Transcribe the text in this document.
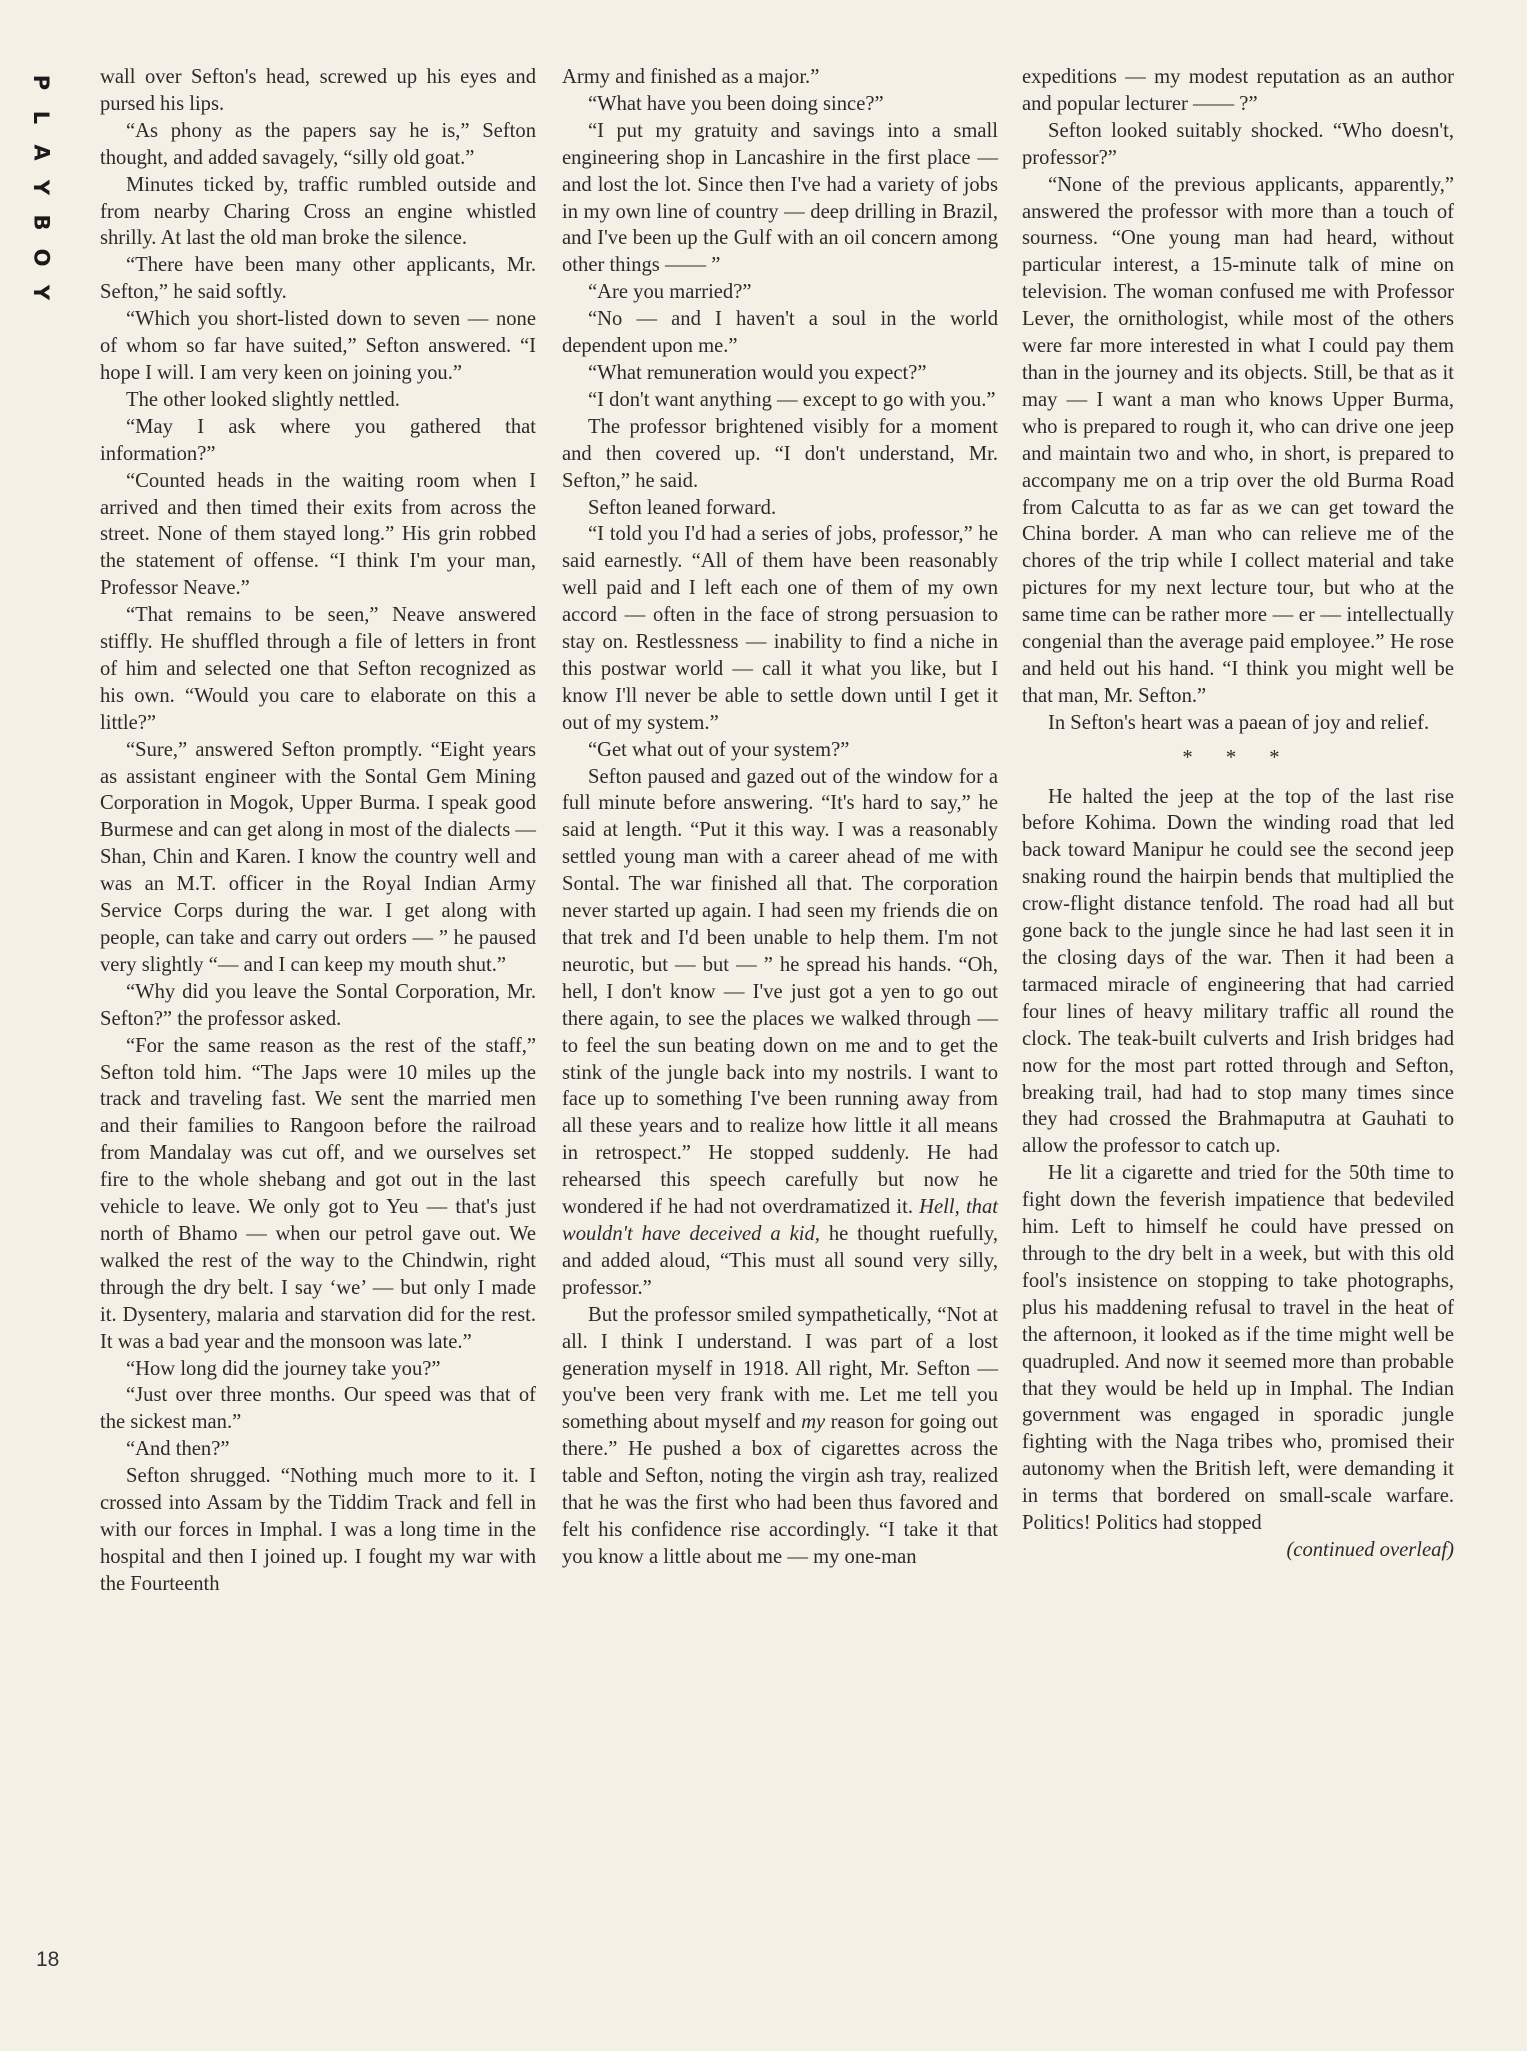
P
L
A
Y
B
O
Y
18

wall over Sefton's head, screwed up his eyes and pursed his lips.

“As phony as the papers say he is,” Sefton thought, and added savagely, “silly old goat.”

Minutes ticked by, traffic rumbled outside and from nearby Charing Cross an engine whistled shrilly. At last the old man broke the silence.

“There have been many other applicants, Mr. Sefton,” he said softly.

“Which you short-listed down to seven — none of whom so far have suited,” Sefton answered. “I hope I will. I am very keen on joining you.”

The other looked slightly nettled.

“May I ask where you gathered that information?”

“Counted heads in the waiting room when I arrived and then timed their exits from across the street. None of them stayed long.” His grin robbed the statement of offense. “I think I'm your man, Professor Neave.”

“That remains to be seen,” Neave answered stiffly. He shuffled through a file of letters in front of him and selected one that Sefton recognized as his own. “Would you care to elaborate on this a little?”

“Sure,” answered Sefton promptly. “Eight years as assistant engineer with the Sontal Gem Mining Corporation in Mogok, Upper Burma. I speak good Burmese and can get along in most of the dialects — Shan, Chin and Karen. I know the country well and was an M.T. officer in the Royal Indian Army Service Corps during the war. I get along with people, can take and carry out orders — ” he paused very slightly “— and I can keep my mouth shut.”

“Why did you leave the Sontal Corporation, Mr. Sefton?” the professor asked.

“For the same reason as the rest of the staff,” Sefton told him. “The Japs were 10 miles up the track and traveling fast. We sent the married men and their families to Rangoon before the railroad from Mandalay was cut off, and we ourselves set fire to the whole shebang and got out in the last vehicle to leave. We only got to Yeu — that's just north of Bhamo — when our petrol gave out. We walked the rest of the way to the Chindwin, right through the dry belt. I say ‘we’ — but only I made it. Dysentery, malaria and starvation did for the rest. It was a bad year and the monsoon was late.”

“How long did the journey take you?”

“Just over three months. Our speed was that of the sickest man.”

“And then?”

Sefton shrugged. “Nothing much more to it. I crossed into Assam by the Tiddim Track and fell in with our forces in Imphal. I was a long time in the hospital and then I joined up. I fought my war with the Fourteenth

Army and finished as a major.”

“What have you been doing since?”

“I put my gratuity and savings into a small engineering shop in Lancashire in the first place — and lost the lot. Since then I've had a variety of jobs in my own line of country — deep drilling in Brazil, and I've been up the Gulf with an oil concern among other things —— ”

“Are you married?”

“No — and I haven't a soul in the world dependent upon me.”

“What remuneration would you expect?”

“I don't want anything — except to go with you.”

The professor brightened visibly for a moment and then covered up. “I don't understand, Mr. Sefton,” he said.

Sefton leaned forward.

“I told you I'd had a series of jobs, professor,” he said earnestly. “All of them have been reasonably well paid and I left each one of them of my own accord — often in the face of strong persuasion to stay on. Restlessness — inability to find a niche in this postwar world — call it what you like, but I know I'll never be able to settle down until I get it out of my system.”

“Get what out of your system?”

Sefton paused and gazed out of the window for a full minute before answering. “It's hard to say,” he said at length. “Put it this way. I was a reasonably settled young man with a career ahead of me with Sontal. The war finished all that. The corporation never started up again. I had seen my friends die on that trek and I'd been unable to help them. I'm not neurotic, but — but — ” he spread his hands. “Oh, hell, I don't know — I've just got a yen to go out there again, to see the places we walked through — to feel the sun beating down on me and to get the stink of the jungle back into my nostrils. I want to face up to something I've been running away from all these years and to realize how little it all means in retrospect.” He stopped suddenly. He had rehearsed this speech carefully but now he wondered if he had not overdramatized it. Hell, that wouldn't have deceived a kid, he thought ruefully, and added aloud, “This must all sound very silly, professor.”

But the professor smiled sympathetically, “Not at all. I think I understand. I was part of a lost generation myself in 1918. All right, Mr. Sefton — you've been very frank with me. Let me tell you something about myself and my reason for going out there.” He pushed a box of cigarettes across the table and Sefton, noting the virgin ash tray, realized that he was the first who had been thus favored and felt his confidence rise accordingly. “I take it that you know a little about me — my one-man

expeditions — my modest reputation as an author and popular lecturer —— ?”

Sefton looked suitably shocked. “Who doesn't, professor?”

“None of the previous applicants, apparently,” answered the professor with more than a touch of sourness. “One young man had heard, without particular interest, a 15-minute talk of mine on television. The woman confused me with Professor Lever, the ornithologist, while most of the others were far more interested in what I could pay them than in the journey and its objects. Still, be that as it may — I want a man who knows Upper Burma, who is prepared to rough it, who can drive one jeep and maintain two and who, in short, is prepared to accompany me on a trip over the old Burma Road from Calcutta to as far as we can get toward the China border. A man who can relieve me of the chores of the trip while I collect material and take pictures for my next lecture tour, but who at the same time can be rather more — er — intellectually congenial than the average paid employee.” He rose and held out his hand. “I think you might well be that man, Mr. Sefton.”

In Sefton's heart was a paean of joy and relief.

* * *

He halted the jeep at the top of the last rise before Kohima. Down the winding road that led back toward Manipur he could see the second jeep snaking round the hairpin bends that multiplied the crow-flight distance tenfold. The road had all but gone back to the jungle since he had last seen it in the closing days of the war. Then it had been a tarmaced miracle of engineering that had carried four lines of heavy military traffic all round the clock. The teak-built culverts and Irish bridges had now for the most part rotted through and Sefton, breaking trail, had had to stop many times since they had crossed the Brahmaputra at Gauhati to allow the professor to catch up.

He lit a cigarette and tried for the 50th time to fight down the feverish impatience that bedeviled him. Left to himself he could have pressed on through to the dry belt in a week, but with this old fool's insistence on stopping to take photographs, plus his maddening refusal to travel in the heat of the afternoon, it looked as if the time might well be quadrupled. And now it seemed more than probable that they would be held up in Imphal. The Indian government was engaged in sporadic jungle fighting with the Naga tribes who, promised their autonomy when the British left, were demanding it in terms that bordered on small-scale warfare. Politics! Politics had stopped

(continued overleaf)
